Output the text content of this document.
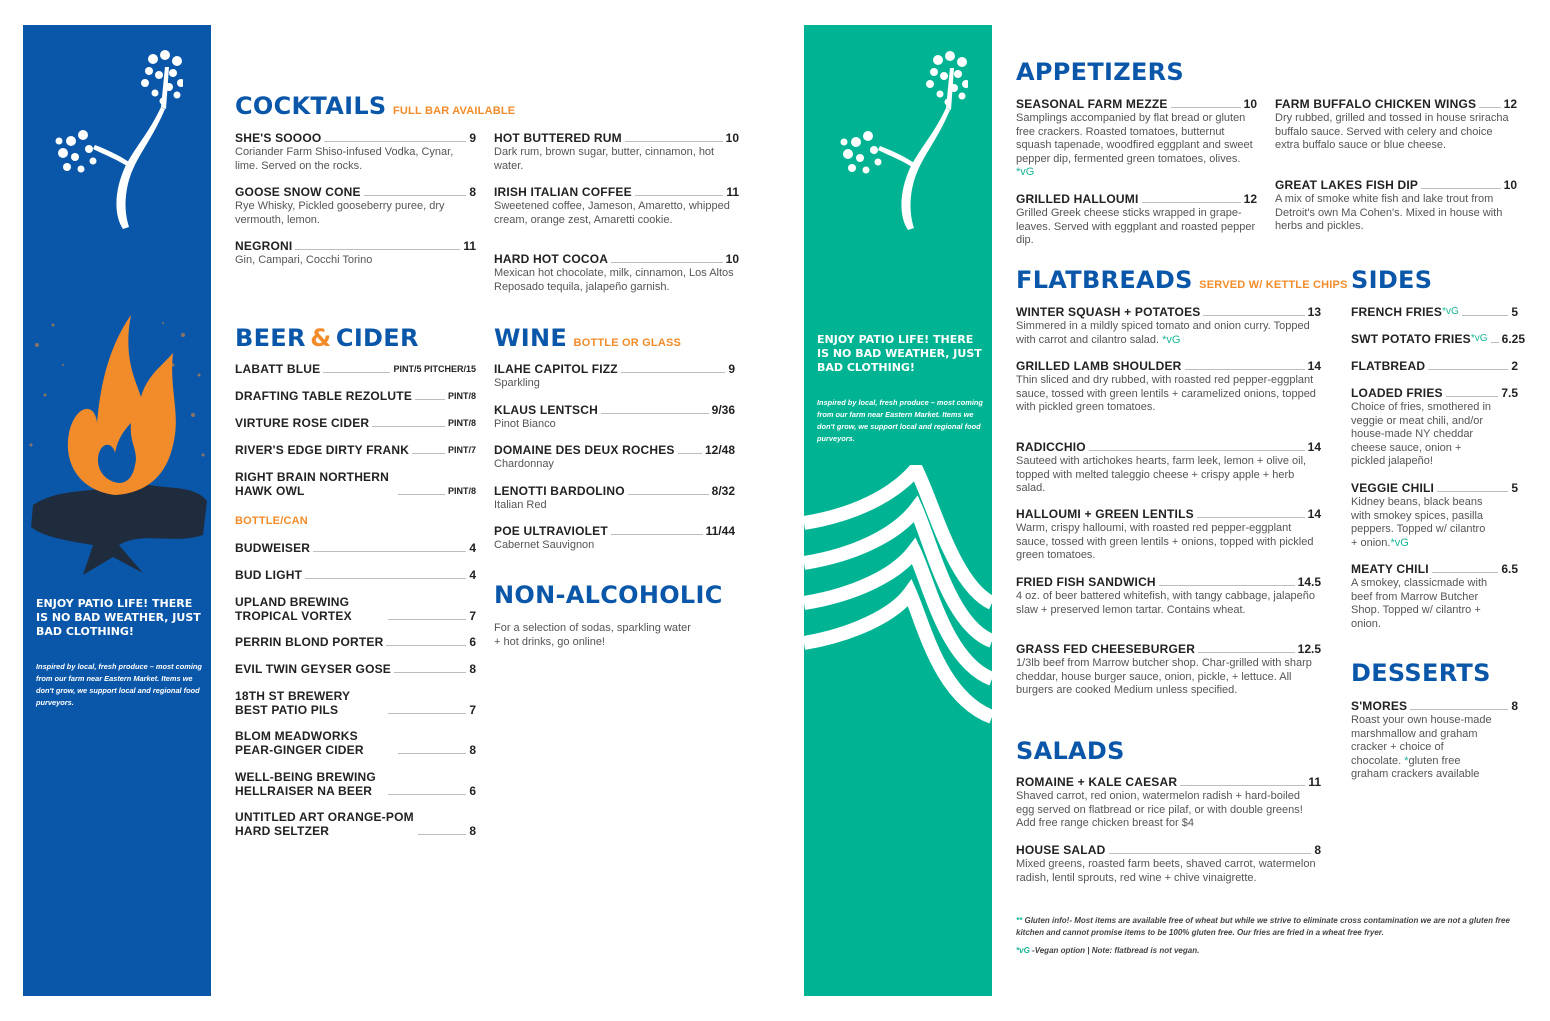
ENJOY PATIO LIFE! THERE IS NO BAD WEATHER, JUST BAD CLOTHING!
Inspired by local, fresh produce – most coming from our farm near Eastern Market. Items we don't grow, we support local and regional food purveyors.
ENJOY PATIO LIFE! THERE IS NO BAD WEATHER, JUST BAD CLOTHING!
Inspired by local, fresh produce – most coming from our farm near Eastern Market. Items we don't grow, we support local and regional food purveyors.
COCKTAILS FULL BAR AVAILABLE
SHE'S SOOOO	9
Coriander Farm Shiso-infused Vodka, Cynar, lime. Served on the rocks.
GOOSE SNOW CONE	8
Rye Whisky, Pickled gooseberry puree, dry vermouth, lemon.
NEGRONI	11
Gin, Campari, Cocchi Torino
HOT BUTTERED RUM	10
Dark rum, brown sugar, butter, cinnamon, hot water.
IRISH ITALIAN COFFEE	11
Sweetened coffee, Jameson, Amaretto, whipped cream, orange zest, Amaretti cookie.
HARD HOT COCOA	10
Mexican hot chocolate, milk, cinnamon, Los Altos Reposado tequila, jalapeño garnish.
BEER & CIDER
LABATT BLUE	PINT/5 PITCHER/15
DRAFTING TABLE REZOLUTE	PINT/8
VIRTURE ROSE CIDER	PINT/8
RIVER'S EDGE DIRTY FRANK	PINT/7
RIGHT BRAIN NORTHERN HAWK OWL	PINT/8
BOTTLE/CAN
BUDWEISER	4
BUD LIGHT	4
UPLAND BREWING TROPICAL VORTEX	7
PERRIN BLOND PORTER	6
EVIL TWIN GEYSER GOSE	8
18TH ST BREWERY BEST PATIO PILS	7
BLOM MEADWORKS PEAR-GINGER CIDER	8
WELL-BEING BREWING HELLRAISER NA BEER	6
UNTITLED ART ORANGE-POM HARD SELTZER	8
WINE BOTTLE OR GLASS
ILAHE CAPITOL FIZZ	9
Sparkling
KLAUS LENTSCH	9/36
Pinot Bianco
DOMAINE DES DEUX ROCHES	12/48
Chardonnay
LENOTTI BARDOLINO	8/32
Italian Red
POE ULTRAVIOLET	11/44
Cabernet Sauvignon
NON-ALCOHOLIC
For a selection of sodas, sparkling water + hot drinks, go online!
APPETIZERS
SEASONAL FARM MEZZE	10
Samplings accompanied by flat bread or gluten free crackers. Roasted tomatoes, butternut squash tapenade, woodfired eggplant and sweet pepper dip, fermented green tomatoes, olives. *vG
GRILLED HALLOUMI	12
Grilled Greek cheese sticks wrapped in grape-leaves. Served with eggplant and roasted pepper dip.
FARM BUFFALO CHICKEN WINGS 12
Dry rubbed, grilled and tossed in house sriracha buffalo sauce. Served with celery and choice extra buffalo sauce or blue cheese.
GREAT LAKES FISH DIP	10
A mix of smoke white fish and lake trout from Detroit's own Ma Cohen's. Mixed in house with herbs and pickles.
FLATBREADS SERVED W/ KETTLE CHIPS
WINTER SQUASH + POTATOES	13
Simmered in a mildly spiced tomato and onion curry. Topped with carrot and cilantro salad. *vG
GRILLED LAMB SHOULDER	14
Thin sliced and dry rubbed, with roasted red pepper-eggplant sauce, tossed with green lentils + caramelized onions, topped with pickled green tomatoes.
RADICCHIO	14
Sauteed with artichokes hearts, farm leek, lemon + olive oil, topped with melted taleggio cheese + crispy apple + herb salad.
HALLOUMI + GREEN LENTILS	14
Warm, crispy halloumi, with roasted red pepper-eggplant sauce, tossed with green lentils + onions, topped with pickled green tomatoes.
FRIED FISH SANDWICH	14.5
4 oz. of beer battered whitefish, with tangy cabbage, jalapeño slaw + preserved lemon tartar. Contains wheat.
GRASS FED CHEESEBURGER	12.5
1/3lb beef from Marrow butcher shop. Char-grilled with sharp cheddar, house burger sauce, onion, pickle, + lettuce. All burgers are cooked Medium unless specified.
SALADS
ROMAINE + KALE CAESAR	11
Shaved carrot, red onion, watermelon radish + hard-boiled egg served on flatbread or rice pilaf, or with double greens! Add free range chicken breast for $4
HOUSE SALAD	8
Mixed greens, roasted farm beets, shaved carrot, watermelon radish, lentil sprouts, red wine + chive vinaigrette.
SIDES
FRENCH FRIES *vG	5
SWT POTATO FRIES *vG 6.25
FLATBREAD	2
LOADED FRIES	7.5
Choice of fries, smothered in veggie or meat chili, and/or house-made NY cheddar cheese sauce, onion + pickled jalapeño!
VEGGIE CHILI	5
Kidney beans, black beans with smokey spices, pasilla peppers. Topped w/ cilantro + onion.*vG
MEATY CHILI	6.5
A smokey, classicmade with beef from Marrow Butcher Shop. Topped w/ cilantro + onion.
DESSERTS
S'MORES	8
Roast your own house-made marshmallow and graham cracker + choice of chocolate. *gluten free graham crackers available
** Gluten info!- Most items are available free of wheat but while we strive to eliminate cross contamination we are not a gluten free kitchen and cannot promise items to be 100% gluten free. Our fries are fried in a wheat free fryer.
*vG -Vegan option | Note: flatbread is not vegan.
